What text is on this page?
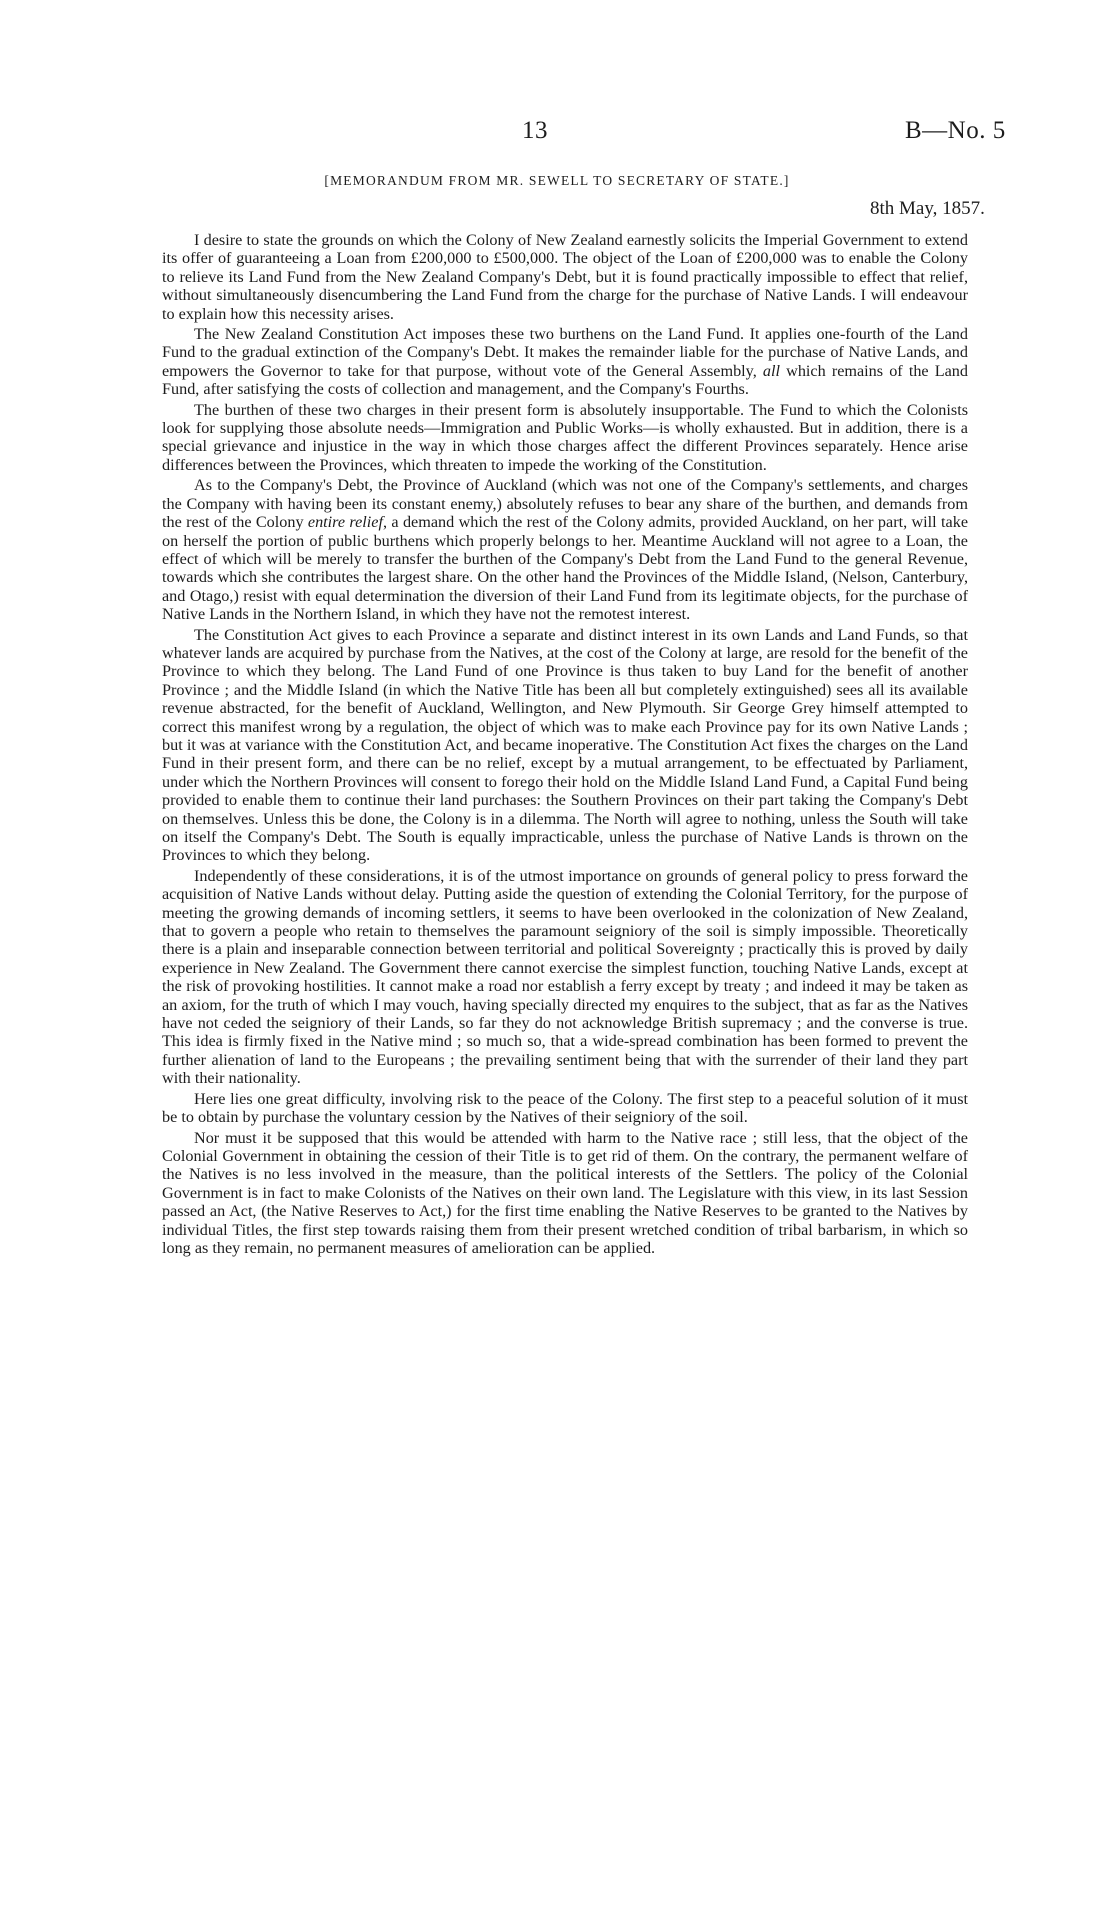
13	B—No. 5
[MEMORANDUM FROM MR. SEWELL TO SECRETARY OF STATE.]
8th May, 1857.

I desire to state the grounds on which the Colony of New Zealand earnestly solicits the Imperial Government to extend its offer of guaranteeing a Loan from £200,000 to £500,000. The object of the Loan of £200,000 was to enable the Colony to relieve its Land Fund from the New Zealand Company's Debt, but it is found practically impossible to effect that relief, without simultaneously disencumbering the Land Fund from the charge for the purchase of Native Lands. I will endeavour to explain how this necessity arises.

The New Zealand Constitution Act imposes these two burthens on the Land Fund. It applies one-fourth of the Land Fund to the gradual extinction of the Company's Debt. It makes the remainder liable for the purchase of Native Lands, and empowers the Governor to take for that purpose, without vote of the General Assembly, all which remains of the Land Fund, after satisfying the costs of collection and management, and the Company's Fourths.

The burthen of these two charges in their present form is absolutely insupportable. The Fund to which the Colonists look for supplying those absolute needs—Immigration and Public Works—is wholly exhausted. But in addition, there is a special grievance and injustice in the way in which those charges affect the different Provinces separately. Hence arise differences between the Provinces, which threaten to impede the working of the Constitution.

As to the Company's Debt, the Province of Auckland (which was not one of the Company's settlements, and charges the Company with having been its constant enemy,) absolutely refuses to bear any share of the burthen, and demands from the rest of the Colony entire relief, a demand which the rest of the Colony admits, provided Auckland, on her part, will take on herself the portion of public burthens which properly belongs to her. Meantime Auckland will not agree to a Loan, the effect of which will be merely to transfer the burthen of the Company's Debt from the Land Fund to the general Revenue, towards which she contributes the largest share. On the other hand the Provinces of the Middle Island, (Nelson, Canterbury, and Otago,) resist with equal determination the diversion of their Land Fund from its legitimate objects, for the purchase of Native Lands in the Northern Island, in which they have not the remotest interest.

The Constitution Act gives to each Province a separate and distinct interest in its own Lands and Land Funds, so that whatever lands are acquired by purchase from the Natives, at the cost of the Colony at large, are resold for the benefit of the Province to which they belong. The Land Fund of one Province is thus taken to buy Land for the benefit of another Province ; and the Middle Island (in which the Native Title has been all but completely extinguished) sees all its available revenue abstracted, for the benefit of Auckland, Wellington, and New Plymouth. Sir George Grey himself attempted to correct this manifest wrong by a regulation, the object of which was to make each Province pay for its own Native Lands ; but it was at variance with the Constitution Act, and became inoperative. The Constitution Act fixes the charges on the Land Fund in their present form, and there can be no relief, except by a mutual arrangement, to be effectuated by Parliament, under which the Northern Provinces will consent to forego their hold on the Middle Island Land Fund, a Capital Fund being provided to enable them to continue their land purchases: the Southern Provinces on their part taking the Company's Debt on themselves. Unless this be done, the Colony is in a dilemma. The North will agree to nothing, unless the South will take on itself the Company's Debt. The South is equally impracticable, unless the purchase of Native Lands is thrown on the Provinces to which they belong.

Independently of these considerations, it is of the utmost importance on grounds of general policy to press forward the acquisition of Native Lands without delay. Putting aside the question of extending the Colonial Territory, for the purpose of meeting the growing demands of incoming settlers, it seems to have been overlooked in the colonization of New Zealand, that to govern a people who retain to themselves the paramount seigniory of the soil is simply impossible. Theoretically there is a plain and inseparable connection between territorial and political Sovereignty ; practically this is proved by daily experience in New Zealand. The Government there cannot exercise the simplest function, touching Native Lands, except at the risk of provoking hostilities. It cannot make a road nor establish a ferry except by treaty ; and indeed it may be taken as an axiom, for the truth of which I may vouch, having specially directed my enquires to the subject, that as far as the Natives have not ceded the seigniory of their Lands, so far they do not acknowledge British supremacy ; and the converse is true. This idea is firmly fixed in the Native mind ; so much so, that a wide-spread combination has been formed to prevent the further alienation of land to the Europeans ; the prevailing sentiment being that with the surrender of their land they part with their nationality.

Here lies one great difficulty, involving risk to the peace of the Colony. The first step to a peaceful solution of it must be to obtain by purchase the voluntary cession by the Natives of their seigniory of the soil.

Nor must it be supposed that this would be attended with harm to the Native race ; still less, that the object of the Colonial Government in obtaining the cession of their Title is to get rid of them. On the contrary, the permanent welfare of the Natives is no less involved in the measure, than the political interests of the Settlers. The policy of the Colonial Government is in fact to make Colonists of the Natives on their own land. The Legislature with this view, in its last Session passed an Act, (the Native Reserves to Act,) for the first time enabling the Native Reserves to be granted to the Natives by individual Titles, the first step towards raising them from their present wretched condition of tribal barbarism, in which so long as they remain, no permanent measures of amelioration can be applied.
